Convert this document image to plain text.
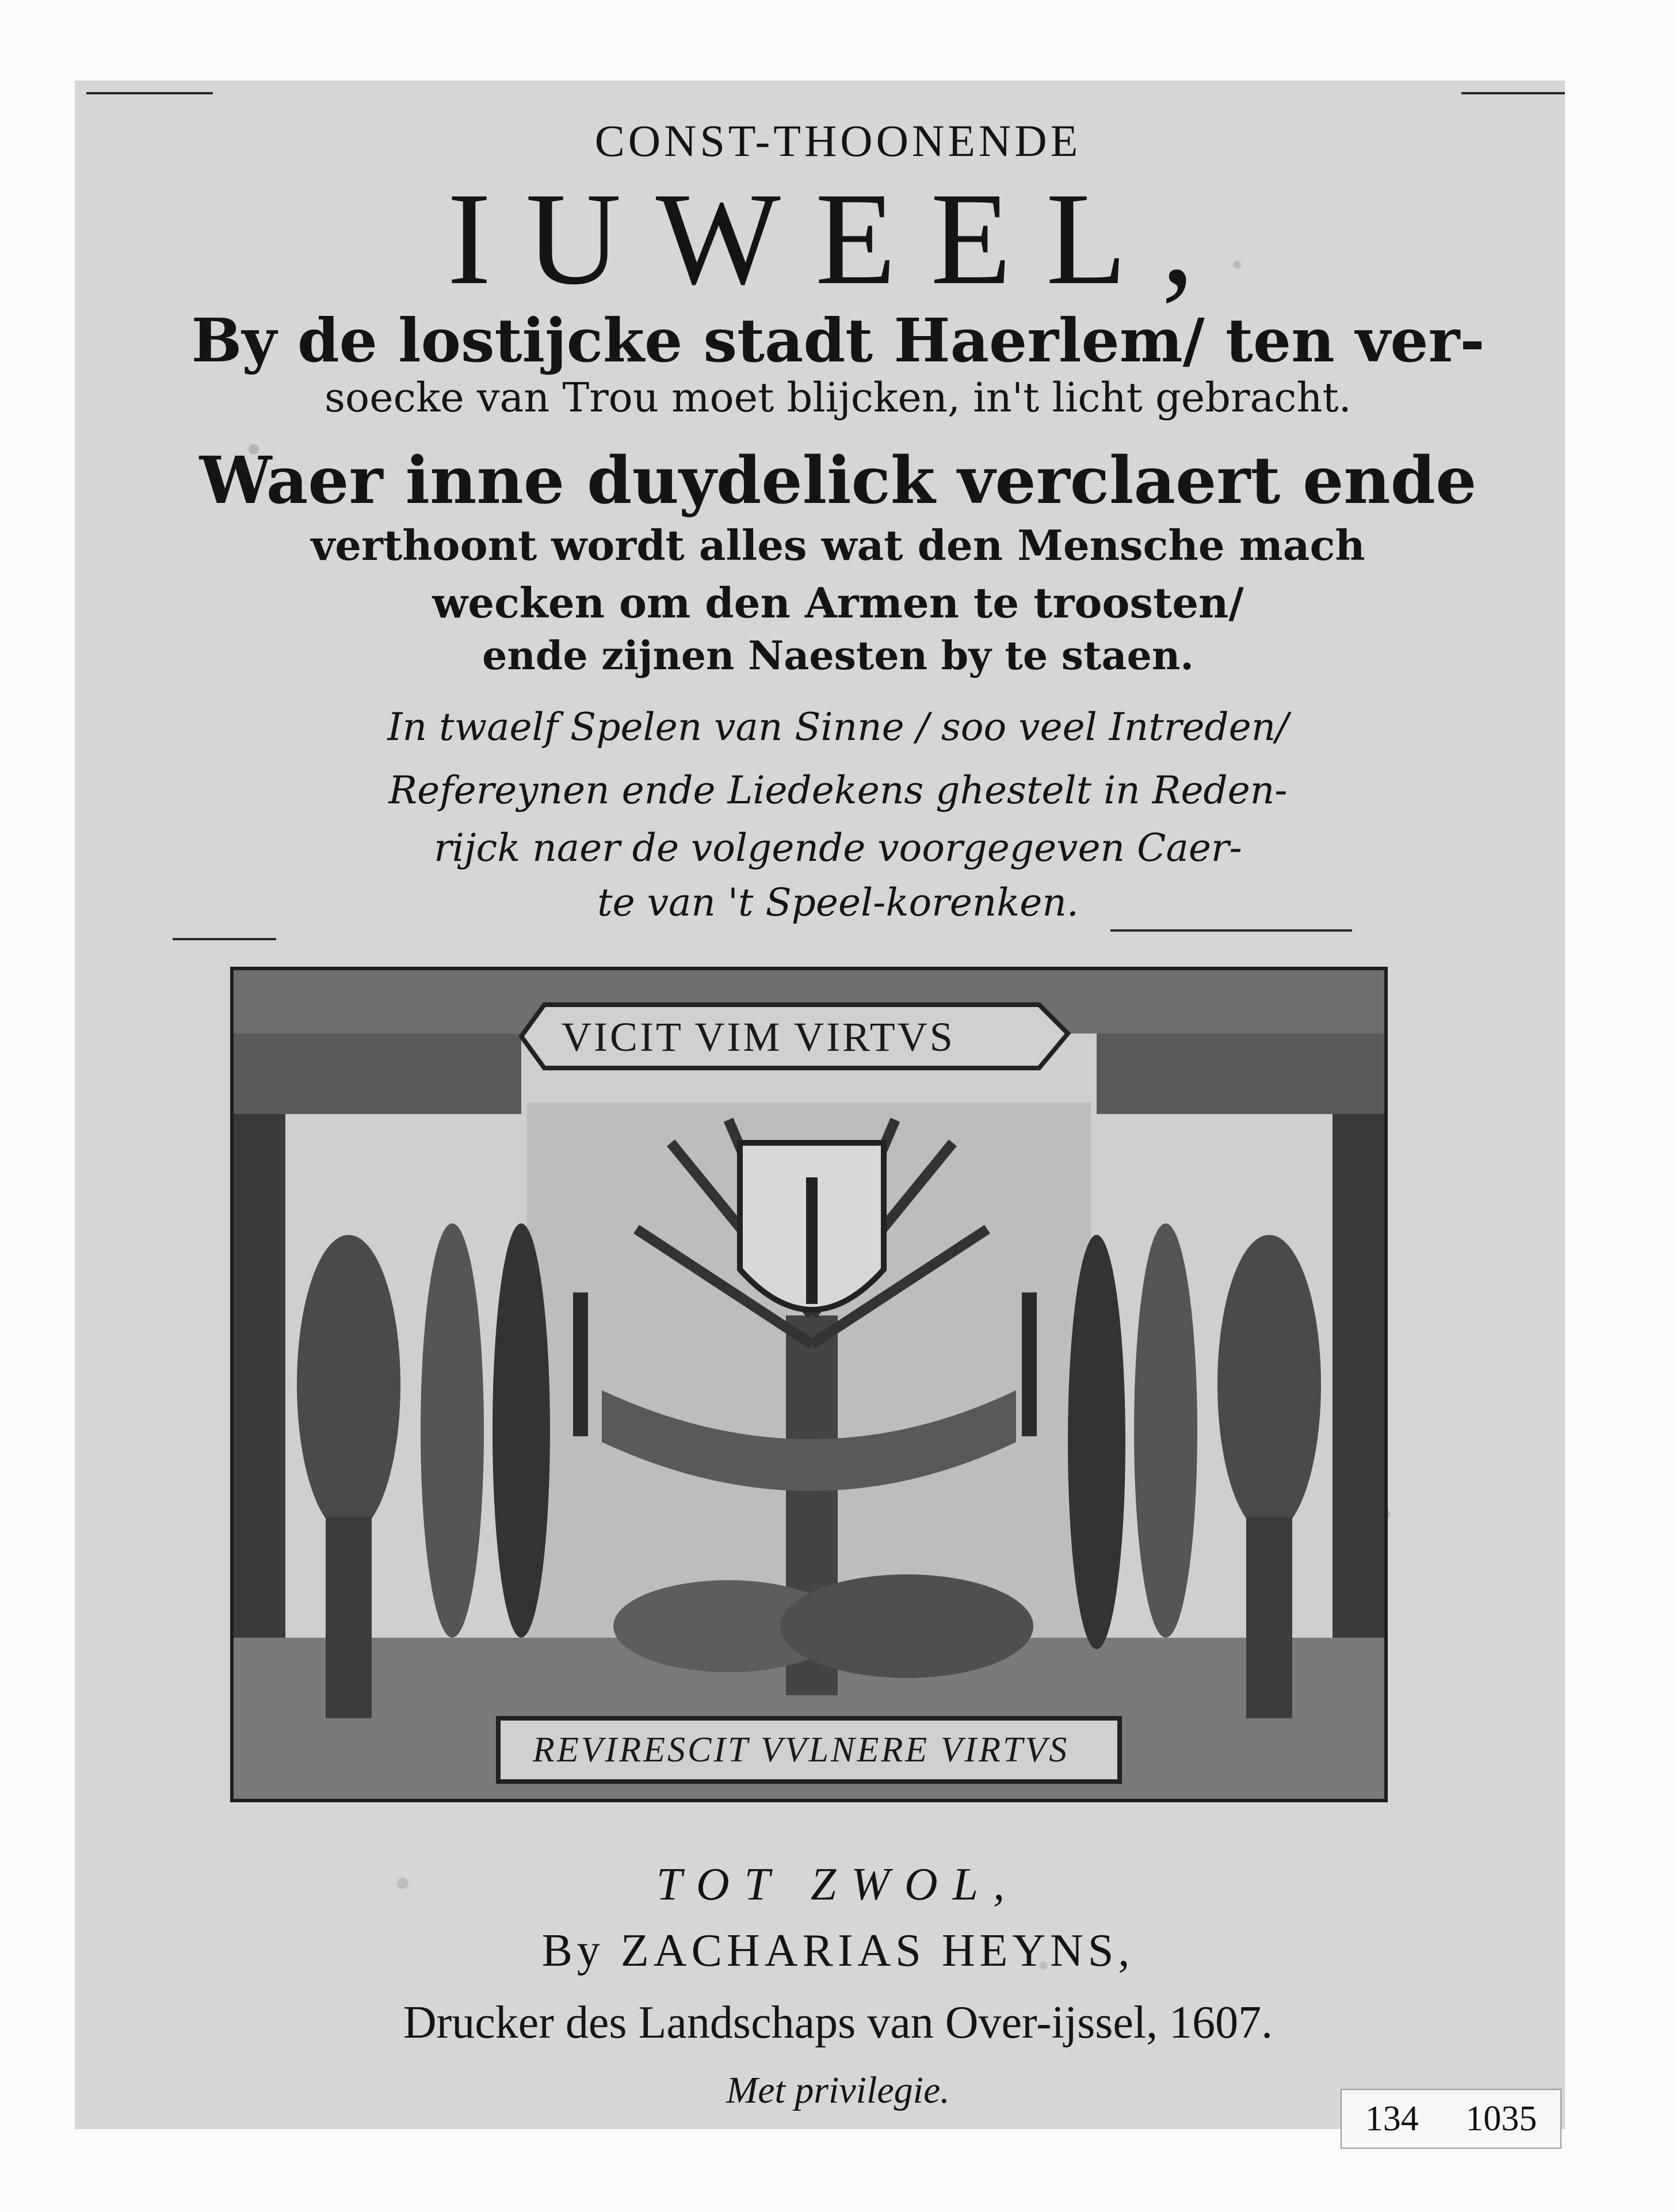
CONST-THOONENDE
IUWEEL,
By de lostijcke stadt Haerlem/ ten ver-
soecke van Trou moet blijcken, in't licht gebracht.
Waer inne duydelick verclaert ende
verthoont wordt alles wat den Mensche mach
wecken om den Armen te troosten/
ende zijnen Naesten by te staen.
In twaelf Spelen van Sinne / soo veel Intreden/
Refereynen ende Liedekens ghestelt in Reden-
rijck naer de volgende voorgegeven Caer-
te van 't Speel-korenken.
VICIT VIM VIRTVS
REVIRESCIT VVLNERE VIRTVS
TOT ZWOL,
By ZACHARIAS HEYNS,
Drucker des Landschaps van Over-ijssel, 1607.
Met privilegie.
134 1035
